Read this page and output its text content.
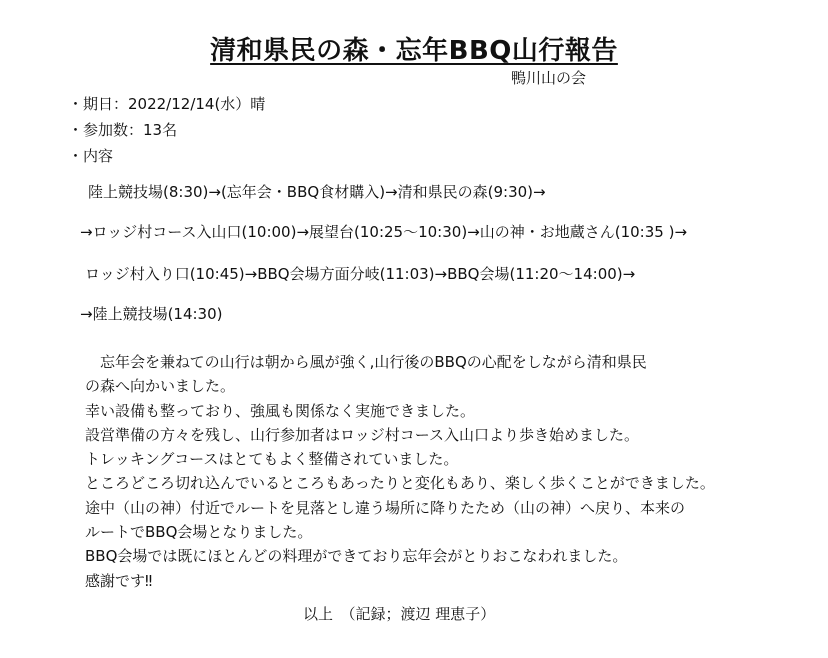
清和県民の森・忘年BBQ山行報告
鴨川山の会
・期日：2022/12/14(水）晴
・参加数：13名
・内容
陸上競技場(8:30)→(忘年会・BBQ食材購入)→清和県民の森(9:30)→
→ロッジ村コース入山口(10:00)→展望台(10:25～10:30)→山の神・お地蔵さん(10:35 )→
ロッジ村入り口(10:45)→BBQ会場方面分岐(11:03)→BBQ会場(11:20～14:00)→
→陸上競技場(14:30)

　忘年会を兼ねての山行は朝から風が強く,山行後のBBQの心配をしながら清和県民

の森へ向かいました。

幸い設備も整っており、強風も関係なく実施できました。

設営準備の方々を残し、山行参加者はロッジ村コース入山口より歩き始めました。

トレッキングコースはとてもよく整備されていました。

ところどころ切れ込んでいるところもあったりと変化もあり、楽しく歩くことができました。

途中（山の神）付近でルートを見落とし違う場所に降りたため（山の神）へ戻り、本来の

ルートでBBQ会場となりました。

BBQ会場では既にほとんどの料理ができており忘年会がとりおこなわれました。

感謝です‼

以上　（記録；渡辺 理恵子）
